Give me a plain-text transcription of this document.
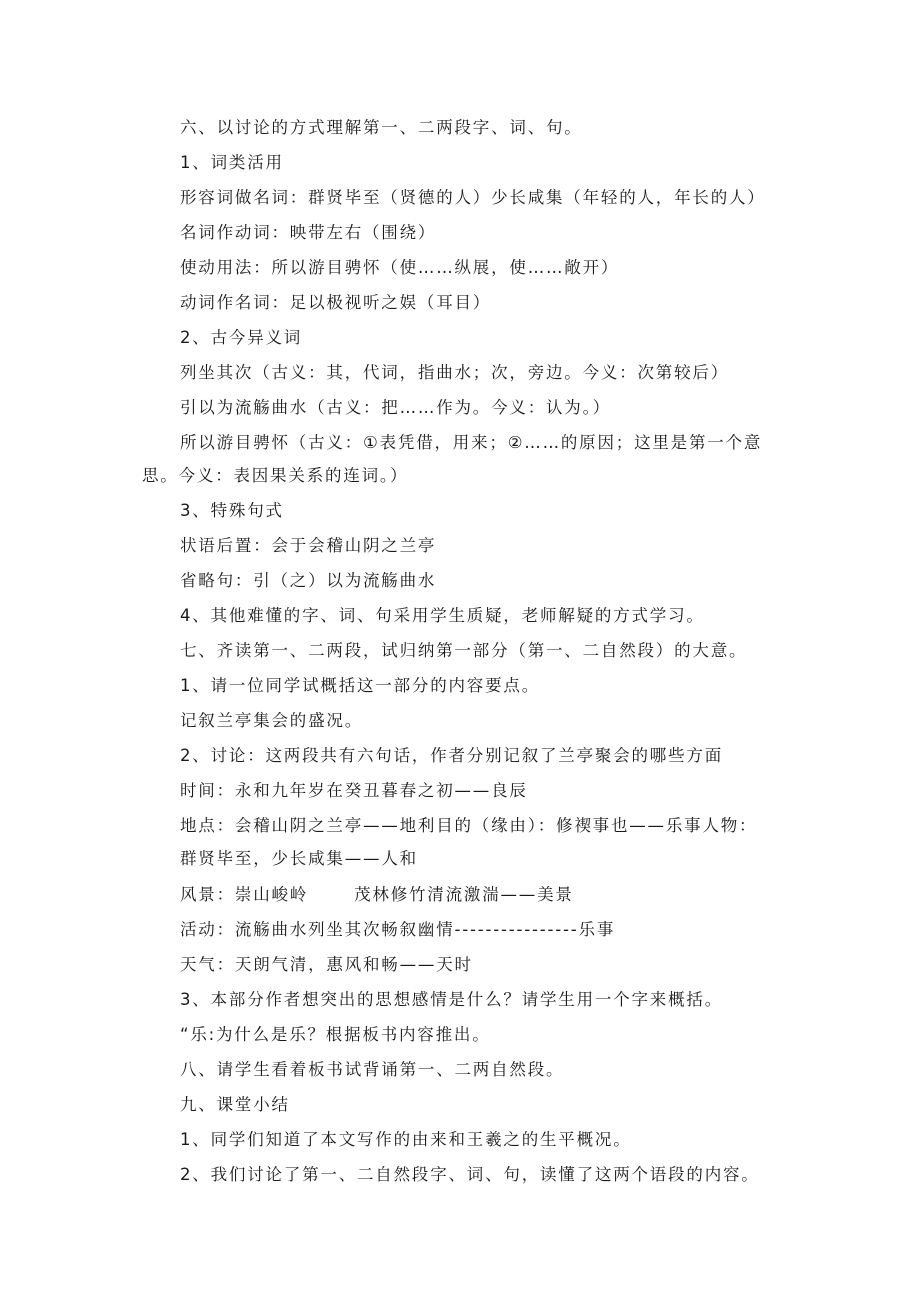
六、以讨论的方式理解第一、二两段字、词、句。
1、词类活用
形容词做名词：群贤毕至（贤德的人）少长咸集（年轻的人，年长的人）
名词作动词：映带左右（围绕）
使动用法：所以游目骋怀（使……纵展，使……敞开）
动词作名词：足以极视听之娱（耳目）
2、古今异义词
列坐其次（古义：其，代词，指曲水；次，旁边。今义：次第较后）
引以为流觞曲水（古义：把……作为。今义：认为。）
所以游目骋怀（古义：①表凭借，用来；②……的原因；这里是第一个意
思。今义：表因果关系的连词。）
3、特殊句式
状语后置：会于会稽山阴之兰亭
省略句：引（之）以为流觞曲水
4、其他难懂的字、词、句采用学生质疑，老师解疑的方式学习。
七、齐读第一、二两段，试归纳第一部分（第一、二自然段）的大意。
1、请一位同学试概括这一部分的内容要点。
记叙兰亭集会的盛况。
2、讨论：这两段共有六句话，作者分别记叙了兰亭聚会的哪些方面
时间：永和九年岁在癸丑暮春之初——良辰
地点：会稽山阴之兰亭——地利目的（缘由）：修禊事也——乐事人物：
群贤毕至，少长咸集——人和
风景：崇山峻岭	茂林修竹清流激湍——美景
活动：流觞曲水列坐其次畅叙幽情----------------乐事
天气：天朗气清，惠风和畅——天时
3、本部分作者想突出的思想感情是什么？请学生用一个字来概括。
“乐:为什么是乐？根据板书内容推出。
八、请学生看着板书试背诵第一、二两自然段。
九、课堂小结
1、同学们知道了本文写作的由来和王羲之的生平概况。
2、我们讨论了第一、二自然段字、词、句，读懂了这两个语段的内容。
